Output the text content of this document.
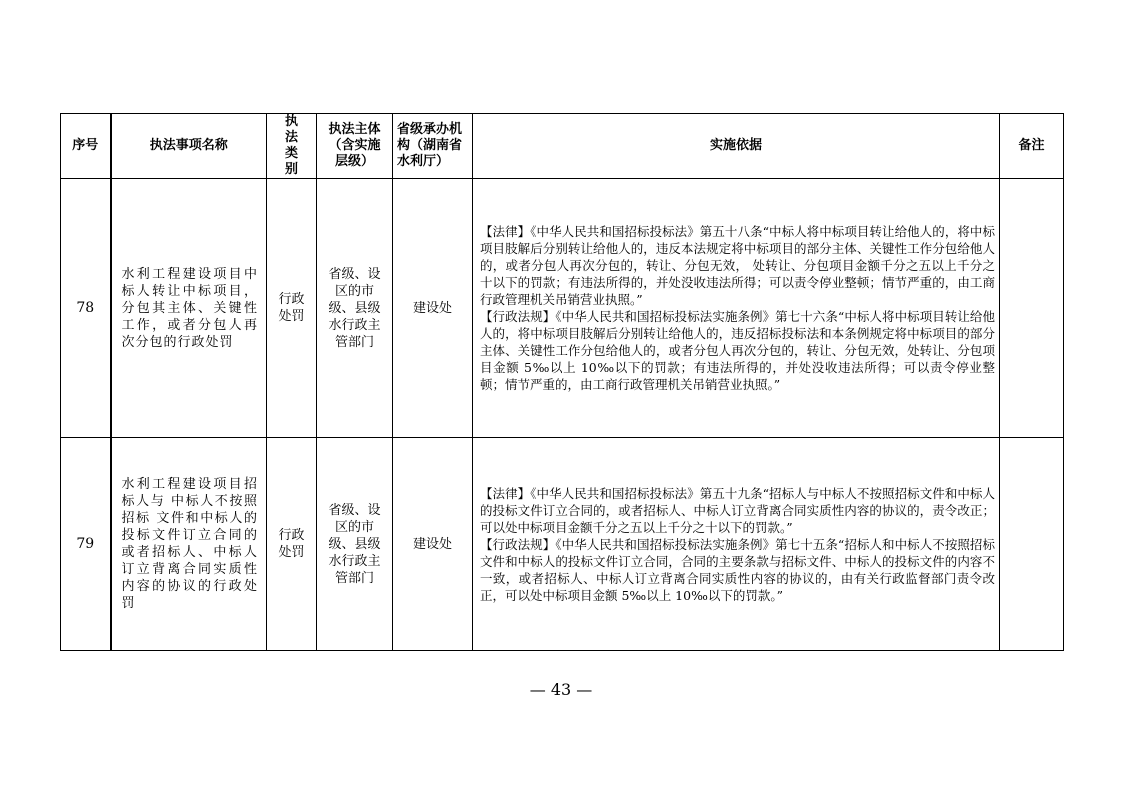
序号	执法事项名称	执法类别	执法主体（含实施层级）	省级承办机构（湖南省水利厅）	实施依据	备注
78	水利工程建设项目中标人转让中标项目，分包其主体、关键性工作，或者分包人再次分包的行政处罚	行政处罚	省级、设区的市级、县级水行政主管部门	建设处	【法律】《中华人民共和国招标投标法》第五十八条“中标人将中标项目转让给他人的，将中标项目肢解后分别转让给他人的，违反本法规定将中标项目的部分主体、关键性工作分包给他人的，或者分包人再次分包的，转让、分包无效， 处转让、分包项目金额千分之五以上千分之十以下的罚款；有违法所得的，并处没收违法所得；可以责令停业整顿；情节严重的，由工商行政管理机关吊销营业执照。”
【行政法规】《中华人民共和国招标投标法实施条例》第七十六条“中标人将中标项目转让给他人的，将中标项目肢解后分别转让给他人的，违反招标投标法和本条例规定将中标项目的部分主体、关键性工作分包给他人的，或者分包人再次分包的，转让、分包无效，处转让、分包项目金额 5‰以上 10‰以下的罚款；有违法所得的，并处没收违法所得；可以责令停业整顿；情节严重的，由工商行政管理机关吊销营业执照。”	

79	水利工程建设项目招标人与 中标人不按照招标 文件和中标人的投标文件订立合同的或者招标人、中标人订立背离合同实质性内容的协议的行政处罚	行政处罚	省级、设区的市级、县级水行政主管部门	建设处	【法律】《中华人民共和国招标投标法》第五十九条“招标人与中标人不按照招标文件和中标人的投标文件订立合同的，或者招标人、中标人订立背离合同实质性内容的协议的，责令改正；可以处中标项目金额千分之五以上千分之十以下的罚款。”
【行政法规】《中华人民共和国招标投标法实施条例》第七十五条“招标人和中标人不按照招标文件和中标人的投标文件订立合同，合同的主要条款与招标文件、中标人的投标文件的内容不一致，或者招标人、中标人订立背离合同实质性内容的协议的，由有关行政监督部门责令改正，可以处中标项目金额 5‰以上 10‰以下的罚款。”	

— 43 —
